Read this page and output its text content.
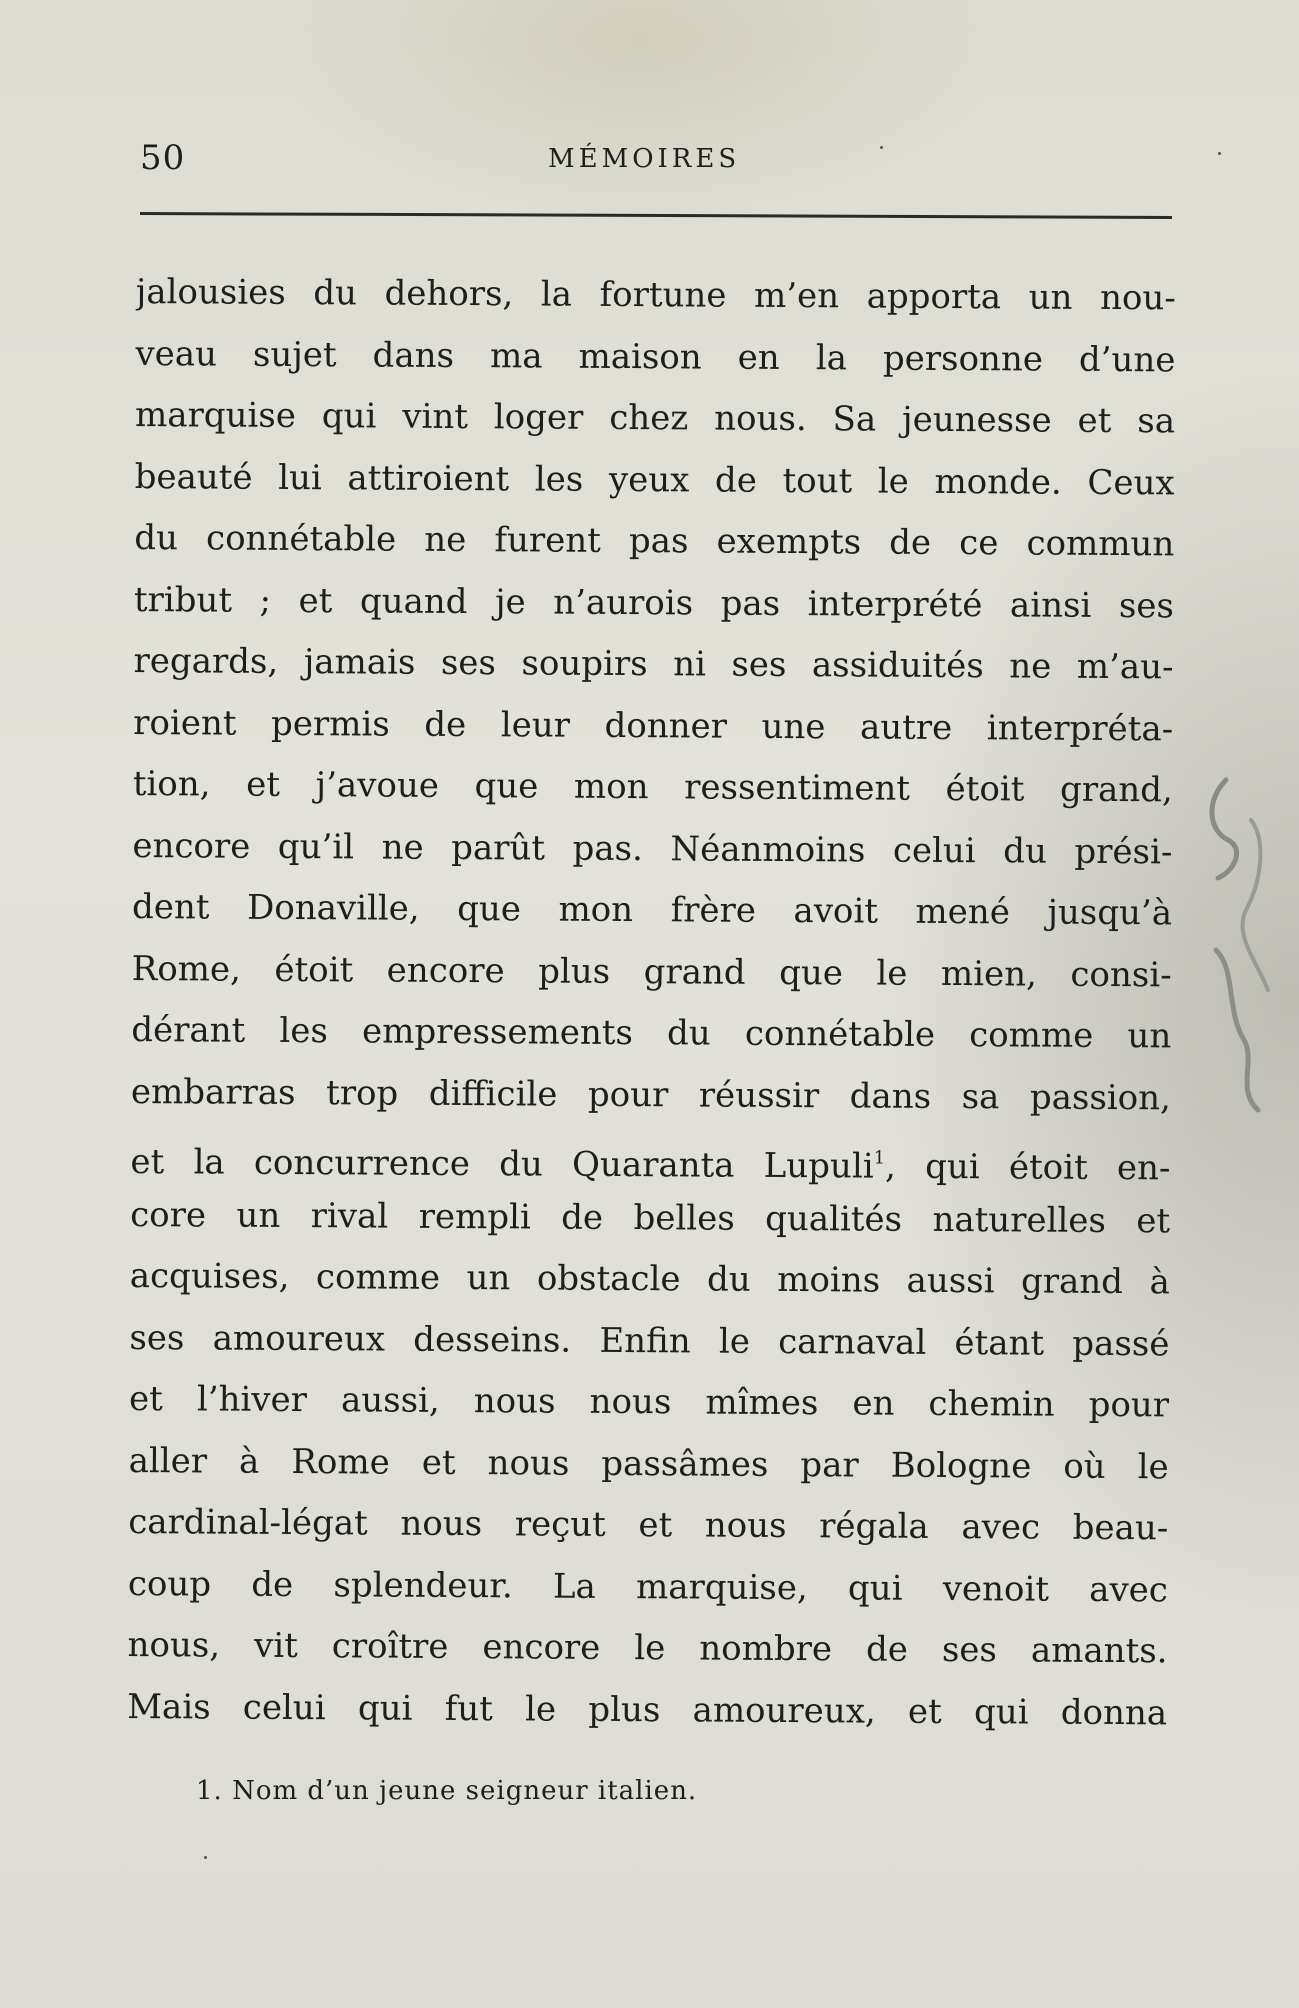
50	MÉMOIRES
jalousies du dehors, la fortune m’en apporta un nou-
veau sujet dans ma maison en la personne d’une
marquise qui vint loger chez nous. Sa jeunesse et sa
beauté lui attiroient les yeux de tout le monde. Ceux
du connétable ne furent pas exempts de ce commun
tribut ; et quand je n’aurois pas interprété ainsi ses
regards, jamais ses soupirs ni ses assiduités ne m’au-
roient permis de leur donner une autre interpréta-
tion, et j’avoue que mon ressentiment étoit grand,
encore qu’il ne parût pas. Néanmoins celui du prési-
dent Donaville, que mon frère avoit mené jusqu’à
Rome, étoit encore plus grand que le mien, consi-
dérant les empressements du connétable comme un
embarras trop difficile pour réussir dans sa passion,
et la concurrence du Quaranta Lupuli$^1$, qui étoit en-
core un rival rempli de belles qualités naturelles et
acquises, comme un obstacle du moins aussi grand à
ses amoureux desseins. Enfin le carnaval étant passé
et l’hiver aussi, nous nous mîmes en chemin pour
aller à Rome et nous passâmes par Bologne où le
cardinal-légat nous reçut et nous régala avec beau-
coup de splendeur. La marquise, qui venoit avec
nous, vit croître encore le nombre de ses amants.
Mais celui qui fut le plus amoureux, et qui donna
1. Nom d’un jeune seigneur italien.
